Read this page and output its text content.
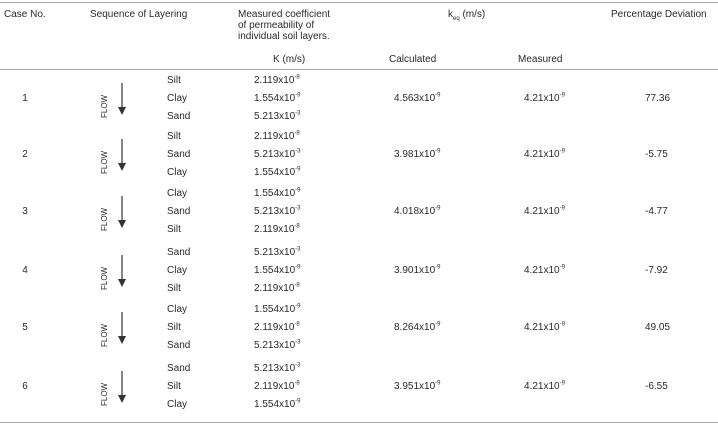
Case No.	Sequence of Layering	Measured coefficient of permeability of individual soil layers.
$k_{eq}$ (m/s)	Percentage Deviation
K (m/s)	Calculated	Measured
1	FLOW
Silt	$2.119x10^{-8}$
Clay	$1.554x10^{-9}$
Sand	$5.213x10^{-3}$
$4.563x10^{-9}$	$4.21x10^{-9}$	77.36
2	FLOW
Silt	$2.119x10^{-8}$
Sand	$5.213x10^{-3}$
Clay	$1.554x10^{-9}$
$3.981x10^{-9}$	$4.21x10^{-9}$	-5.75
3	FLOW
Clay	$1.554x10^{-9}$
Sand	$5.213x10^{-3}$
Silt	$2.119x10^{-8}$
$4.018x10^{-9}$	$4.21x10^{-9}$	-4.77
4	FLOW
Sand	$5.213x10^{-3}$
Clay	$1.554x10^{-9}$
Silt	$2.119x10^{-8}$
$3.901x10^{-9}$	$4.21x10^{-9}$	-7.92
5	FLOW
Clay	$1.554x10^{-9}$
Silt	$2.119x10^{-8}$
Sand	$5.213x10^{-3}$
$8.264x10^{-9}$	$4.21x10^{-9}$	49.05
6	FLOW
Sand	$5.213x10^{-3}$
Silt	$2.119x10^{-8}$
Clay	$1.554x10^{-9}$
$3.951x10^{-9}$	$4.21x10^{-9}$	-6.55
